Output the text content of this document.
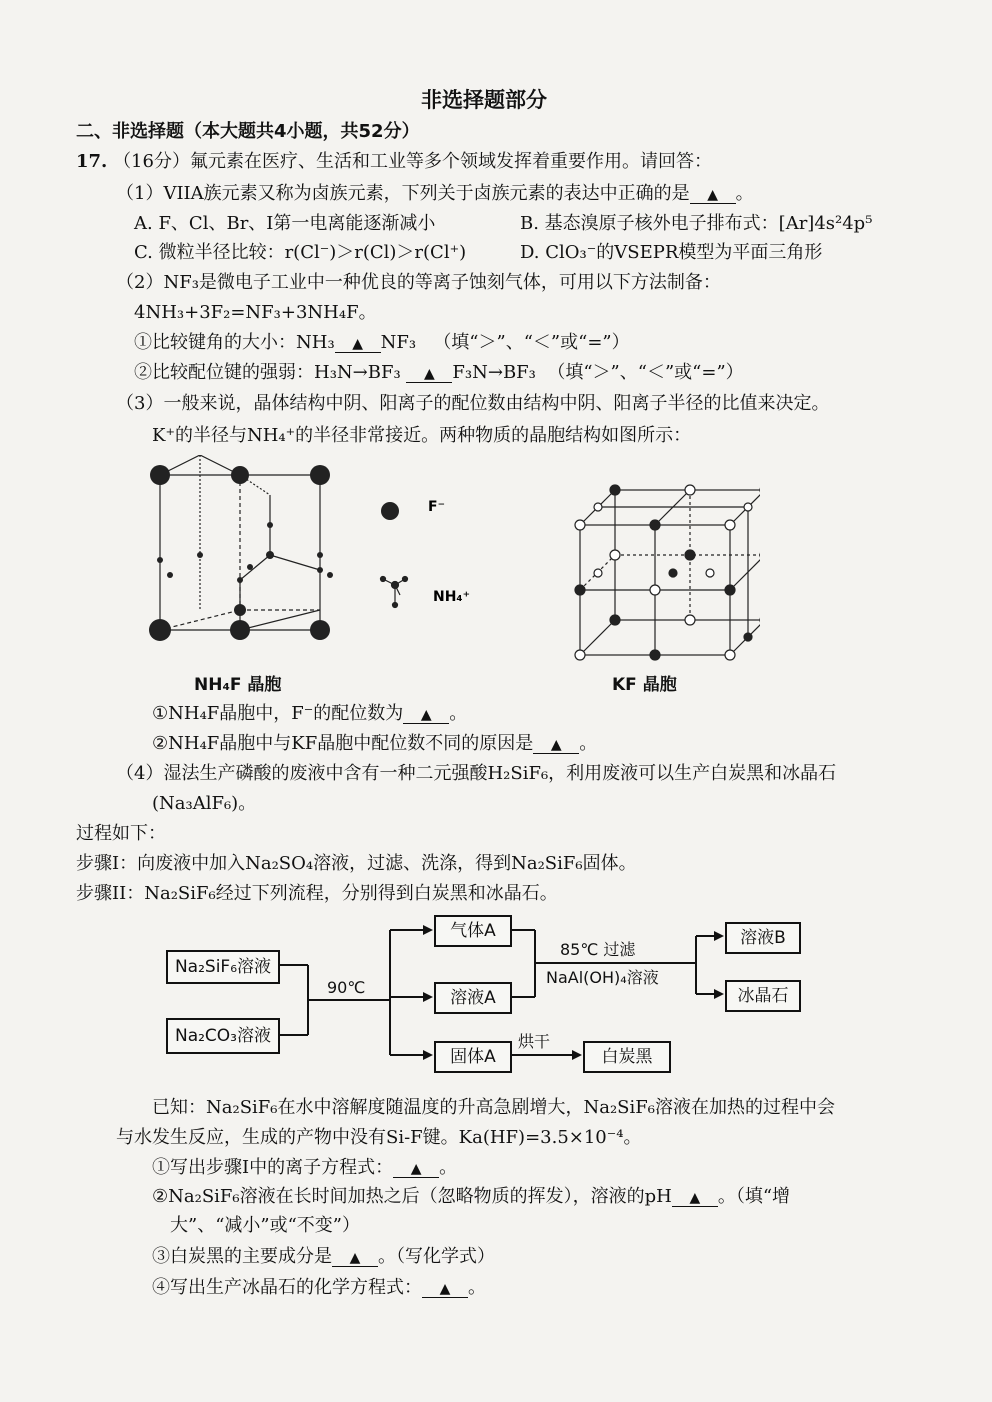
非选择题部分
二、非选择题（本大题共4小题，共52分）
17. （16分）氟元素在医疗、生活和工业等多个领域发挥着重要作用。请回答：
（1）VIIA族元素又称为卤族元素，下列关于卤族元素的表达中正确的是 ▲ 。
A. F、Cl、Br、I第一电离能逐渐减小	B. 基态溴原子核外电子排布式：[Ar]4s²4p⁵
C. 微粒半径比较：r(Cl⁻)＞r(Cl)＞r(Cl⁺)	D. ClO₃⁻的VSEPR模型为平面三角形
（2）NF₃是微电子工业中一种优良的等离子蚀刻气体，可用以下方法制备：
4NH₃+3F₂=NF₃+3NH₄F。
①比较键角的大小：NH₃ ▲ NF₃ （填“＞”、“＜”或“=”）
②比较配位键的强弱：H₃N→BF₃ ▲ F₃N→BF₃ （填“＞”、“＜”或“=”）
（3）一般来说，晶体结构中阴、阳离子的配位数由结构中阴、阳离子半径的比值来决定。
K⁺的半径与NH₄⁺的半径非常接近。两种物质的晶胞结构如图所示：
F⁻
NH₄⁺
NH₄F 晶胞	KF 晶胞
①NH₄F晶胞中，F⁻的配位数为 ▲ 。
②NH₄F晶胞中与KF晶胞中配位数不同的原因是 ▲ 。
（4）湿法生产磷酸的废液中含有一种二元强酸H₂SiF₆，利用废液可以生产白炭黑和冰晶石
(Na₃AlF₆)。
过程如下：
步骤I：向废液中加入Na₂SO₄溶液，过滤、洗涤，得到Na₂SiF₆固体。
步骤II：Na₂SiF₆经过下列流程，分别得到白炭黑和冰晶石。
Na₂SiF₆溶液
Na₂CO₃溶液
90℃
气体A
溶液A
固体A
85℃ 过滤
NaAl(OH)₄溶液
烘干
溶液B
冰晶石
白炭黑
已知：Na₂SiF₆在水中溶解度随温度的升高急剧增大，Na₂SiF₆溶液在加热的过程中会
与水发生反应，生成的产物中没有Si-F键。Ka(HF)=3.5×10⁻⁴。
①写出步骤Ⅰ中的离子方程式： ▲ 。
②Na₂SiF₆溶液在长时间加热之后（忽略物质的挥发），溶液的pH ▲ 。（填“增
大”、“减小”或“不变”）
③白炭黑的主要成分是 ▲ 。（写化学式）
④写出生产冰晶石的化学方程式： ▲ 。
